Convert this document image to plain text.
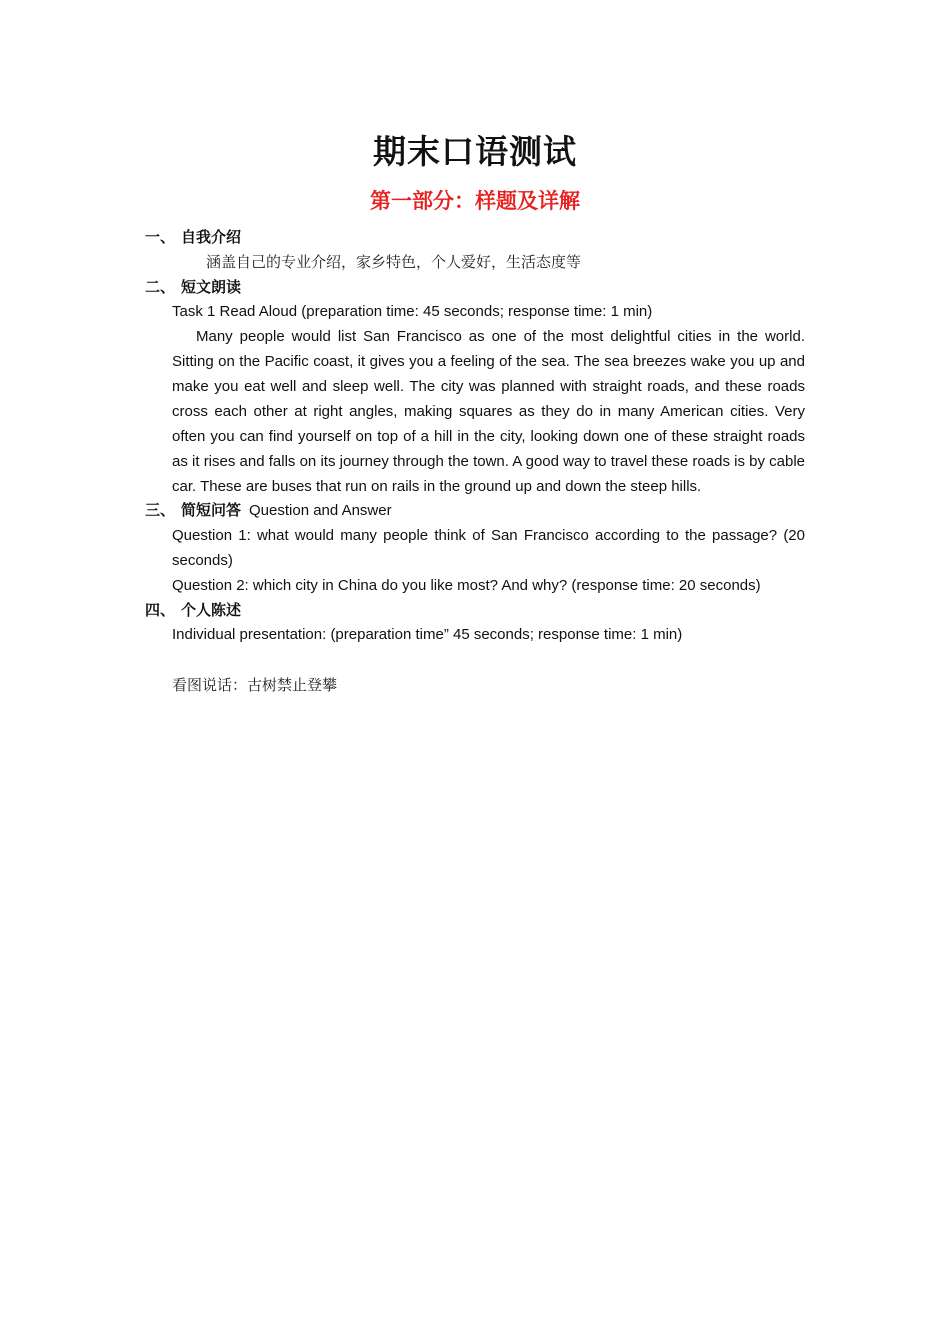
期末口语测试
第一部分：样题及详解
一、 自我介绍
涵盖自己的专业介绍，家乡特色，个人爱好，生活态度等
二、 短文朗读
Task 1 Read Aloud (preparation time: 45 seconds; response time: 1 min)
Many people would list San Francisco as one of the most delightful cities in the world. Sitting on the Pacific coast, it gives you a feeling of the sea. The sea breezes wake you up and make you eat well and sleep well. The city was planned with straight roads, and these roads cross each other at right angles, making squares as they do in many American cities. Very often you can find yourself on top of a hill in the city, looking down one of these straight roads as it rises and falls on its journey through the town. A good way to travel these roads is by cable car. These are buses that run on rails in the ground up and down the steep hills.
三、 简短问答 Question and Answer
Question 1: what would many people think of San Francisco according to the passage? (20 seconds)
Question 2: which city in China do you like most? And why? (response time: 20 seconds)
四、 个人陈述
Individual presentation: (preparation time” 45 seconds; response time: 1 min)
看图说话：古树禁止登攀
